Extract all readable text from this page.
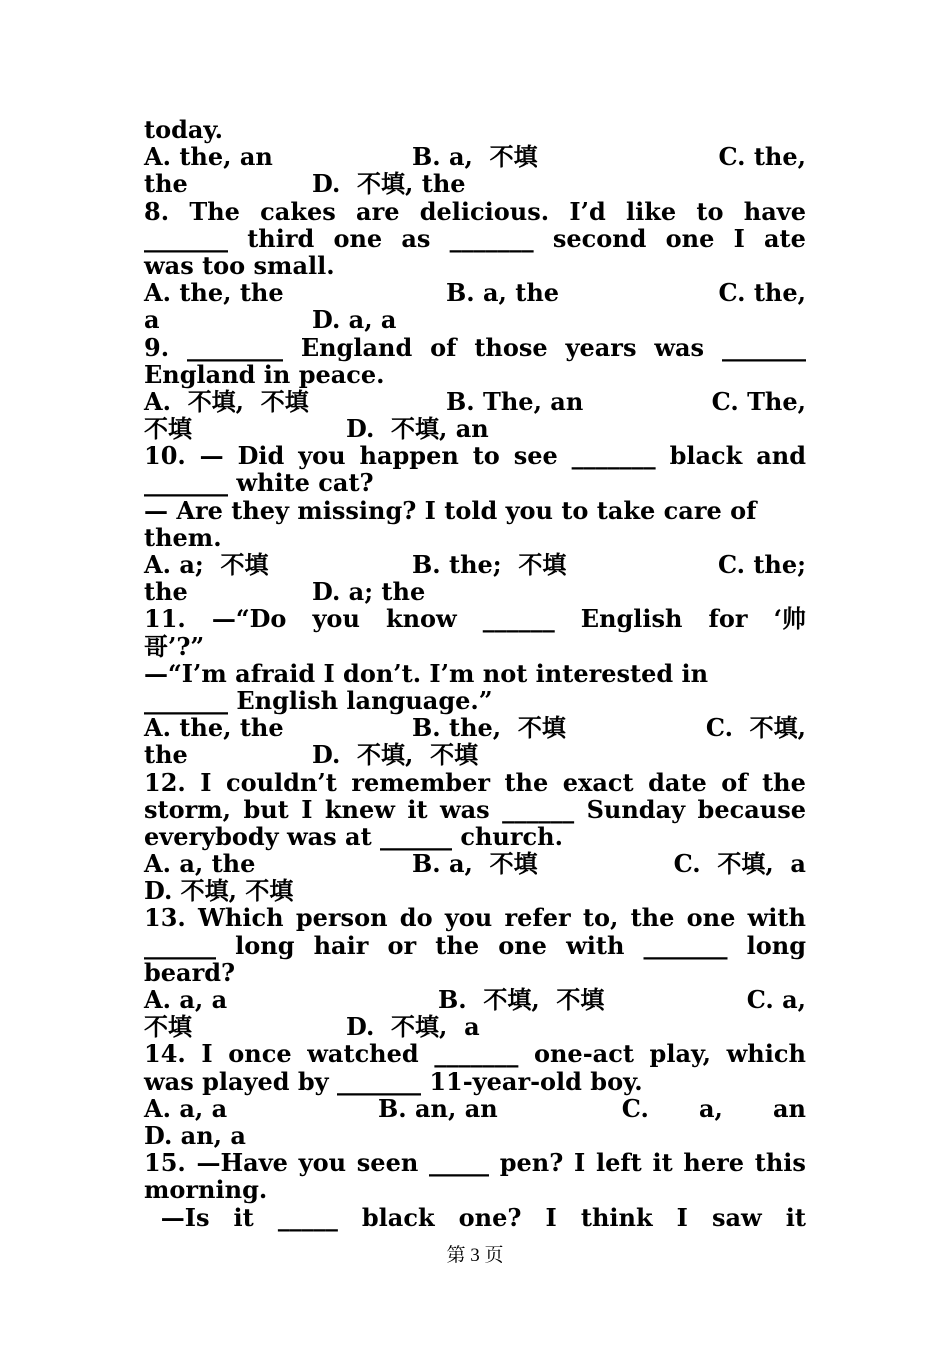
today.
A. the, an	B. a,  不填	C. the,
the	D.  不填, the
8. The cakes are delicious. I’d like to have
_______ third one as _______ second one I ate
was too small.
A. the, the	B. a, the	C. the,
a	D. a, a
9. ________ England of those years was _______
England in peace.
A.  不填,  不填	B. The, an	C. The,
不填	D.  不填, an
10. — Did you happen to see _______ black and
_______ white cat?
— Are they missing? I told you to take care of
them.
A. a;  不填	B. the;  不填	C. the;
the	D. a; the
11. —“Do you know ______ English for ‘帅
哥’?”
—“I’m afraid I don’t. I’m not interested in
_______ English language.”
A. the, the	B. the,  不填	C.  不填,
the	D.  不填,  不填
12. I couldn’t remember the exact date of the
storm, but I knew it was ______ Sunday because
everybody was at ______ church.
A. a, the	B. a,  不填	C.  不填,  a
D. 不填, 不填
13. Which person do you refer to, the one with
______ long hair or the one with _______ long
beard?
A. a, a	B.  不填,  不填	C. a,
不填	D.  不填,  a
14. I once watched _______ one-act play, which
was played by _______ 11-year-old boy.
A. a, a	B. an, an	C.      a,      an
D. an, a
15. —Have you seen _____ pen? I left it here this
morning.
—Is it _____ black one? I think I saw it
第 3 页
